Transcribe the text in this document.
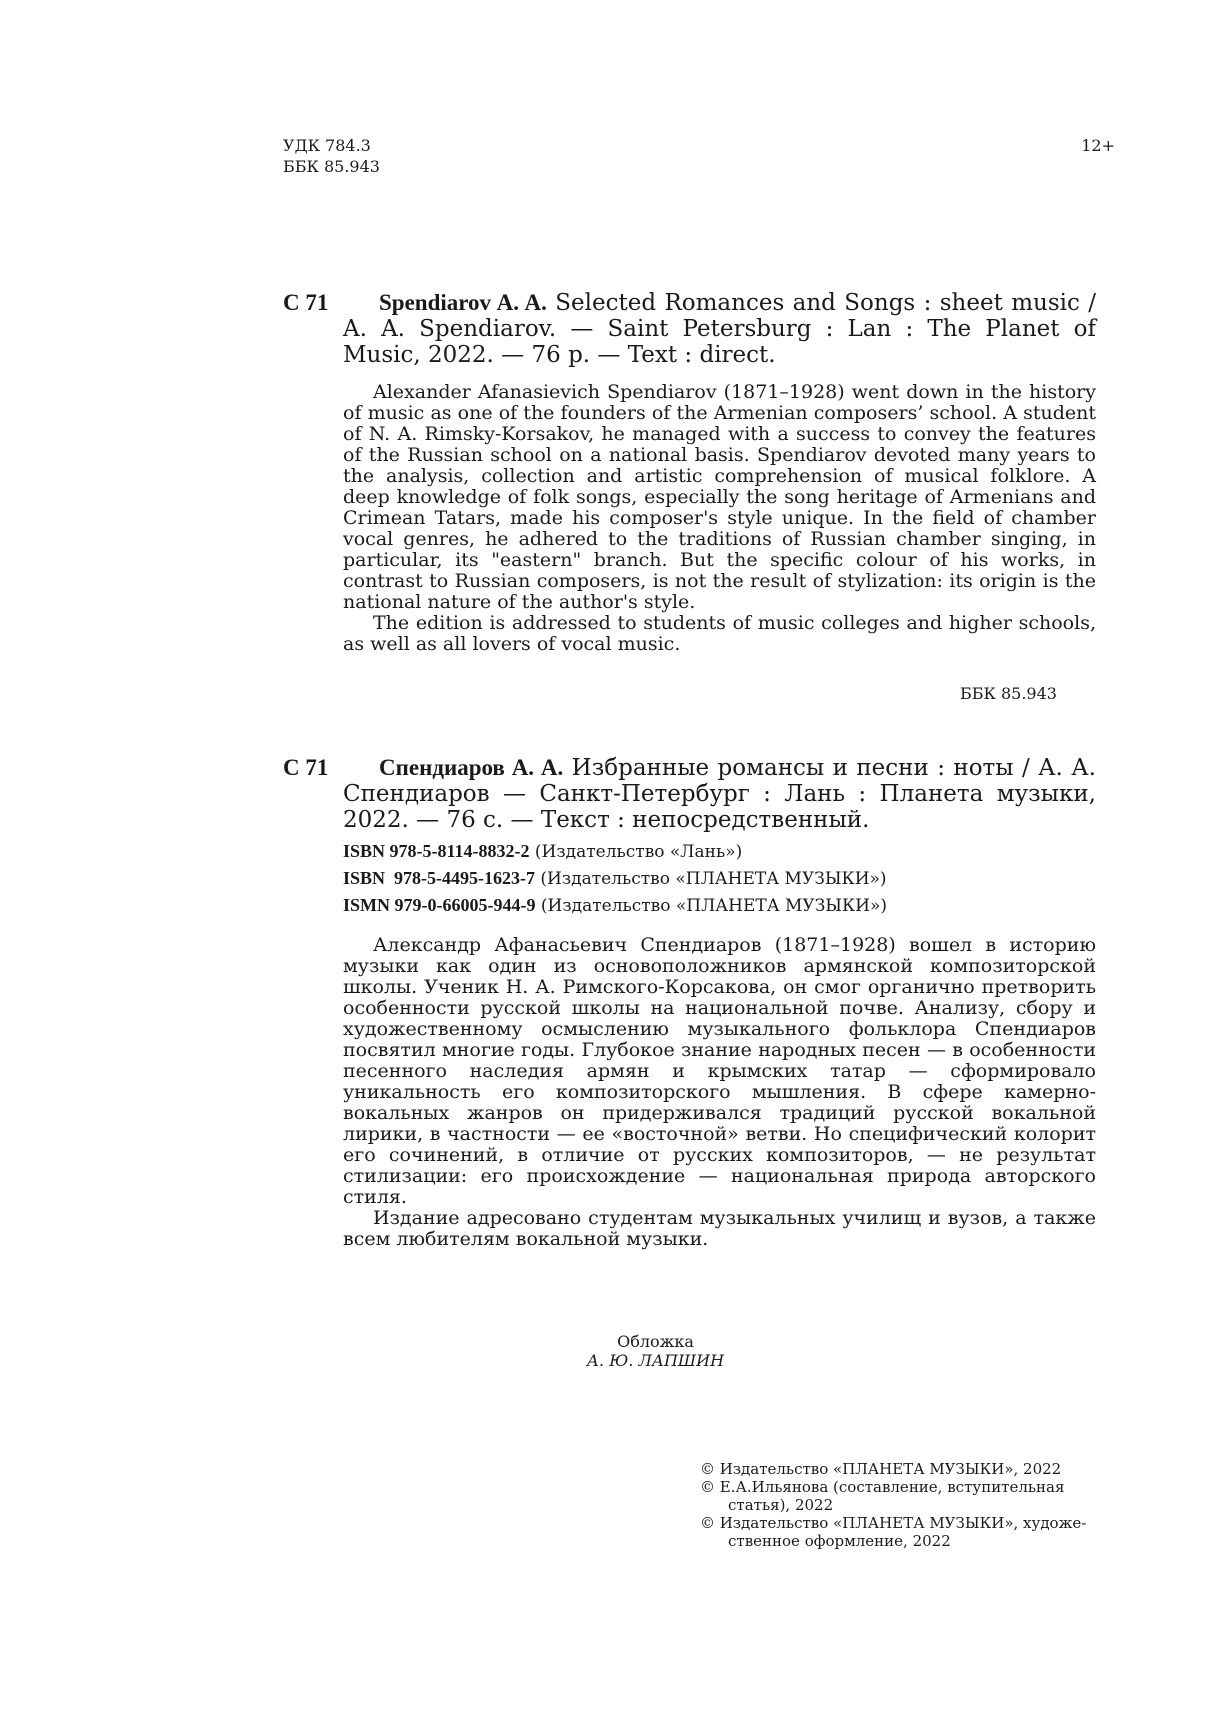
УДК 784.3
ББК 85.943
12+
С 71	Spendiarov A. A. Selected Romances and Songs : sheet music / A. A. Spendiarov. — Saint Petersburg : Lan : The Planet of Music, 2022. — 76 p. — Text : direct.

Alexander Afanasievich Spendiarov (1871–1928) went down in the history of music as one of the founders of the Armenian composers’ school. A student of N. A. Rimsky-Korsakov, he managed with a success to convey the features of the Russian school on a national basis. Spendiarov devoted many years to the analysis, collection and artistic comprehension of musical folklore. A deep knowledge of folk songs, especially the song heritage of Armenians and Crimean Tatars, made his composer's style unique. In the field of chamber vocal genres, he adhered to the traditions of Russian chamber singing, in particular, its "eastern" branch. But the specific colour of his works, in contrast to Russian composers, is not the result of stylization: its origin is the national nature of the author's style.

The edition is addressed to students of music colleges and higher schools, as well as all lovers of vocal music.

ББК 85.943
С 71	Спендиаров А. А. Избранные романсы и песни : ноты / А. А. Спендиаров — Санкт-Петербург : Лань : Планета музыки, 2022. — 76 с. — Текст : непосредственный.
ISBN 978-5-8114-8832-2 (Издательство «Лань»)
ISBN  978-5-4495-1623-7 (Издательство «ПЛАНЕТА МУЗЫКИ»)
ISMN 979-0-66005-944-9 (Издательство «ПЛАНЕТА МУЗЫКИ»)

Александр Афанасьевич Спендиаров (1871–1928) вошел в историю музыки как один из основоположников армянской композиторской школы. Ученик Н. А. Римского-Корсакова, он смог органично претворить особенности русской школы на национальной почве. Анализу, сбору и художественному осмыслению музыкального фольклора Спендиаров посвятил многие годы. Глубокое знание народных песен — в особенности песенного наследия армян и крымских татар — сформировало уникальность его композиторского мышления. В сфере камерно-вокальных жанров он придерживался традиций русской вокальной лирики, в частности — ее «восточной» ветви. Но специфический колорит его сочинений, в отличие от русских композиторов, — не результат стилизации: его происхождение — национальная природа авторского стиля.

Издание адресовано студентам музыкальных училищ и вузов, а также всем любителям вокальной музыки.

Обложка
А. Ю. ЛАПШИН
© Издательство «ПЛАНЕТА МУЗЫКИ», 2022
© Е.А.Ильянова (составление, вступительная
статья), 2022
© Издательство «ПЛАНЕТА МУЗЫКИ», художе-
ственное оформление, 2022
